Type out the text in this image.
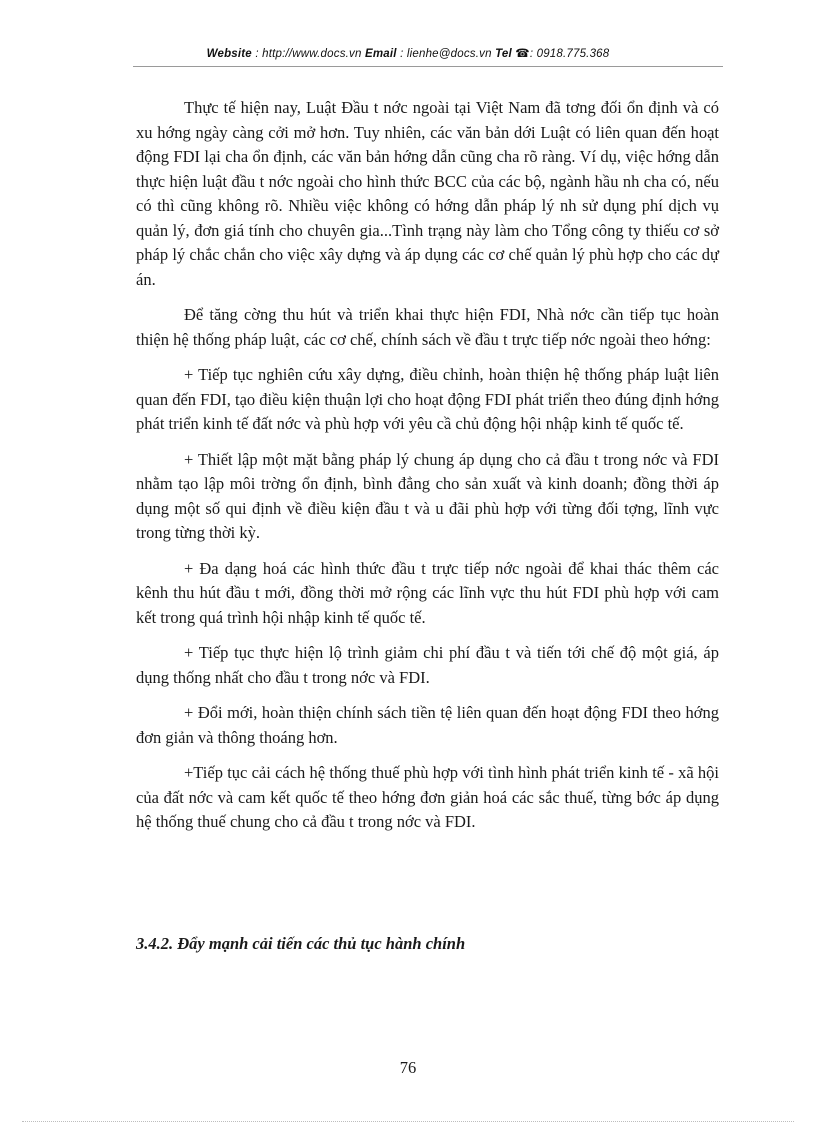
Website : http://www.docs.vn Email : lienhe@docs.vn Tel ☎: 0918.775.368

Thực tế hiện nay, Luật Đầu t nớc ngoài tại Việt Nam đã tơng đối ổn định và có xu hớng ngày càng cởi mở hơn. Tuy nhiên, các văn bản dới Luật có liên quan đến hoạt động FDI lại cha ổn định, các văn bản hớng dẫn cũng cha rõ ràng. Ví dụ, việc hớng dẫn thực hiện luật đầu t nớc ngoài cho hình thức BCC của các bộ, ngành hầu nh cha có, nếu có thì cũng không rõ. Nhiều việc không có hớng dẫn pháp lý nh sử dụng phí dịch vụ quản lý, đơn giá tính cho chuyên gia...Tình trạng này làm cho Tổng công ty thiếu cơ sở pháp lý chắc chắn cho việc xây dựng và áp dụng các cơ chế quản lý phù hợp cho các dự án.

Để tăng cờng thu hút và triển khai thực hiện FDI, Nhà nớc cần tiếp tục hoàn thiện hệ thống pháp luật, các cơ chế, chính sách về đầu t trực tiếp nớc ngoài theo hớng:

+ Tiếp tục nghiên cứu xây dựng, điều chỉnh, hoàn thiện hệ thống pháp luật liên quan đến FDI, tạo điều kiện thuận lợi cho hoạt động FDI phát triển theo đúng định hớng phát triển kinh tế đất nớc và phù hợp với yêu cầ chủ động hội nhập kinh tế quốc tế.

+ Thiết lập một mặt bằng pháp lý chung áp dụng cho cả đầu t trong nớc và FDI nhằm tạo lập môi trờng ổn định, bình đẳng cho sản xuất và kinh doanh; đồng thời áp dụng một số qui định về điều kiện đầu t và u đãi phù hợp với từng đối tợng, lĩnh vực trong từng thời kỳ.

+ Đa dạng hoá các hình thức đầu t trực tiếp nớc ngoài để khai thác thêm các kênh thu hút đầu t mới, đồng thời mở rộng các lĩnh vực thu hút FDI phù hợp với cam kết trong quá trình hội nhập kinh tế quốc tế.

+ Tiếp tục thực hiện lộ trình giảm chi phí đầu t và tiến tới chế độ một giá, áp dụng thống nhất cho đầu t trong nớc và FDI.

+ Đổi mới, hoàn thiện chính sách tiền tệ liên quan đến hoạt động FDI theo hớng đơn giản và thông thoáng hơn.

+Tiếp tục cải cách hệ thống thuế phù hợp với tình hình phát triển kinh tế - xã hội của đất nớc và cam kết quốc tế theo hớng đơn giản hoá các sắc thuế, từng bớc áp dụng hệ thống thuế chung cho cả đầu t trong nớc và FDI.

3.4.2. Đẩy mạnh cải tiến các thủ tục hành chính
76
